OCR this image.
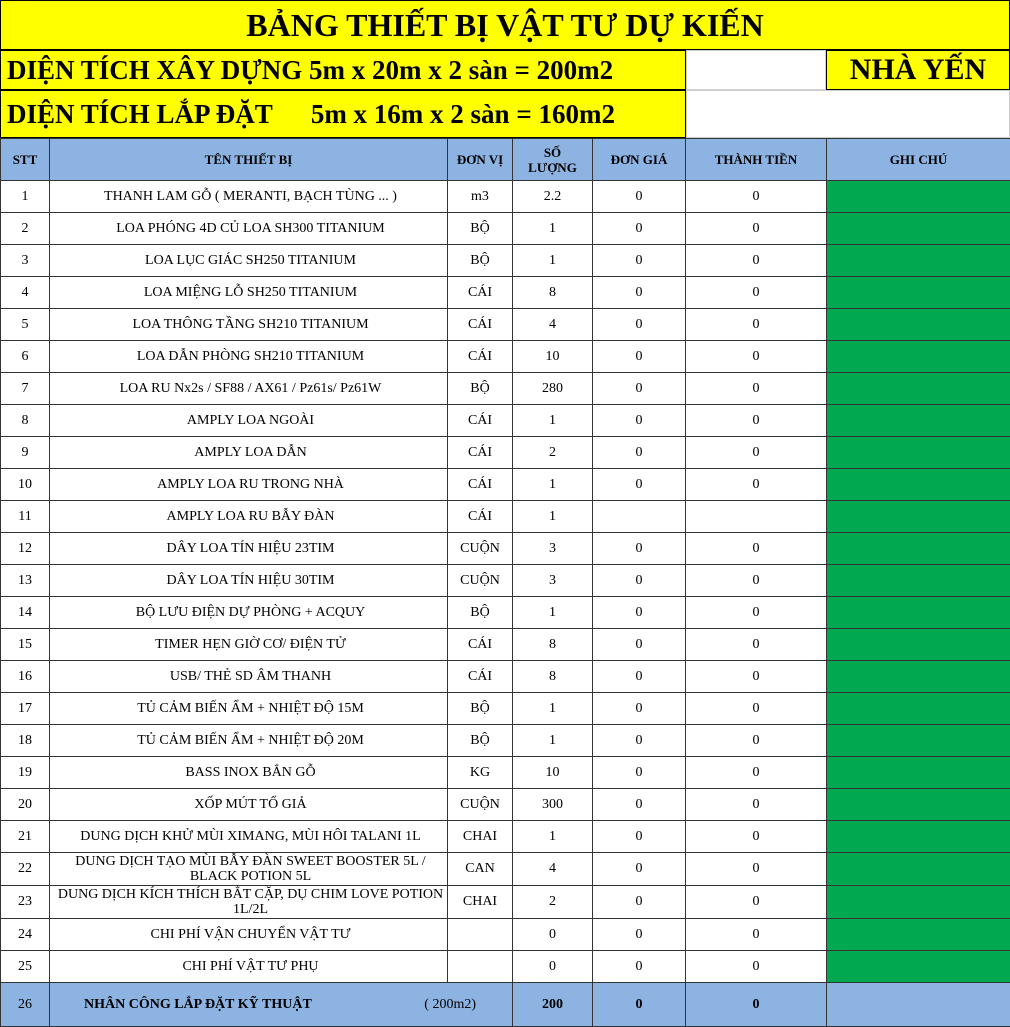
BẢNG THIẾT BỊ VẬT TƯ DỰ KIẾN
DIỆN TÍCH XÂY DỰNG 5m x 20m x 2 sàn = 200m2	NHÀ YẾN
DIỆN TÍCH LẮP ĐẶT 5m x 16m x 2 sàn = 160m2
STT	TÊN THIẾT BỊ	ĐƠN VỊ	SỐ LƯỢNG	ĐƠN GIÁ	THÀNH TIỀN	GHI CHÚ
1	THANH LAM GỖ ( MERANTI, BẠCH TÙNG ... )	m3	2.2	0	0	
2	LOA PHÓNG 4D CỦ LOA SH300 TITANIUM	BỘ	1	0	0	
3	LOA LỤC GIÁC SH250 TITANIUM	BỘ	1	0	0	
4	LOA MIỆNG LỖ SH250 TITANIUM	CÁI	8	0	0	
5	LOA THÔNG TẦNG SH210 TITANIUM	CÁI	4	0	0	
6	LOA DẪN PHÒNG SH210 TITANIUM	CÁI	10	0	0	
7	LOA RU Nx2s / SF88 / AX61 / Pz61s/ Pz61W	BỘ	280	0	0	
8	AMPLY LOA NGOÀI	CÁI	1	0	0	
9	AMPLY LOA DẪN	CÁI	2	0	0	
10	AMPLY LOA RU TRONG NHÀ	CÁI	1	0	0	
11	AMPLY LOA RU BẪY ĐÀN	CÁI	1			
12	DÂY LOA TÍN HIỆU 23TIM	CUỘN	3	0	0	
13	DÂY LOA TÍN HIỆU 30TIM	CUỘN	3	0	0	
14	BỘ LƯU ĐIỆN DỰ PHÒNG + ACQUY	BỘ	1	0	0	
15	TIMER HẸN GIỜ CƠ/ ĐIỆN TỬ	CÁI	8	0	0	
16	USB/ THẺ SD ÂM THANH	CÁI	8	0	0	
17	TỦ CẢM BIẾN ẨM + NHIỆT ĐỘ 15M	BỘ	1	0	0	
18	TỦ CẢM BIẾN ẨM + NHIỆT ĐỘ 20M	BỘ	1	0	0	
19	BASS INOX BẮN GỖ	KG	10	0	0	
20	XỐP MÚT TỔ GIẢ	CUỘN	300	0	0	
21	DUNG DỊCH KHỬ MÙI XIMANG, MÙI HÔI TALANI 1L	CHAI	1	0	0	
22	DUNG DỊCH TẠO MÙI BẪY ĐÀN SWEET BOOSTER 5L / BLACK POTION 5L	CAN	4	0	0	
23	DUNG DỊCH KÍCH THÍCH BẮT CẶP, DỤ CHIM LOVE POTION 1L/2L	CHAI	2	0	0	
24	CHI PHÍ VẬN CHUYỂN VẬT TƯ		0	0	0	
25	CHI PHÍ VẬT TƯ PHỤ		0	0	0	
26	NHÂN CÔNG LẮP ĐẶT KỸ THUẬT ( 200m2)		200	0	0	
